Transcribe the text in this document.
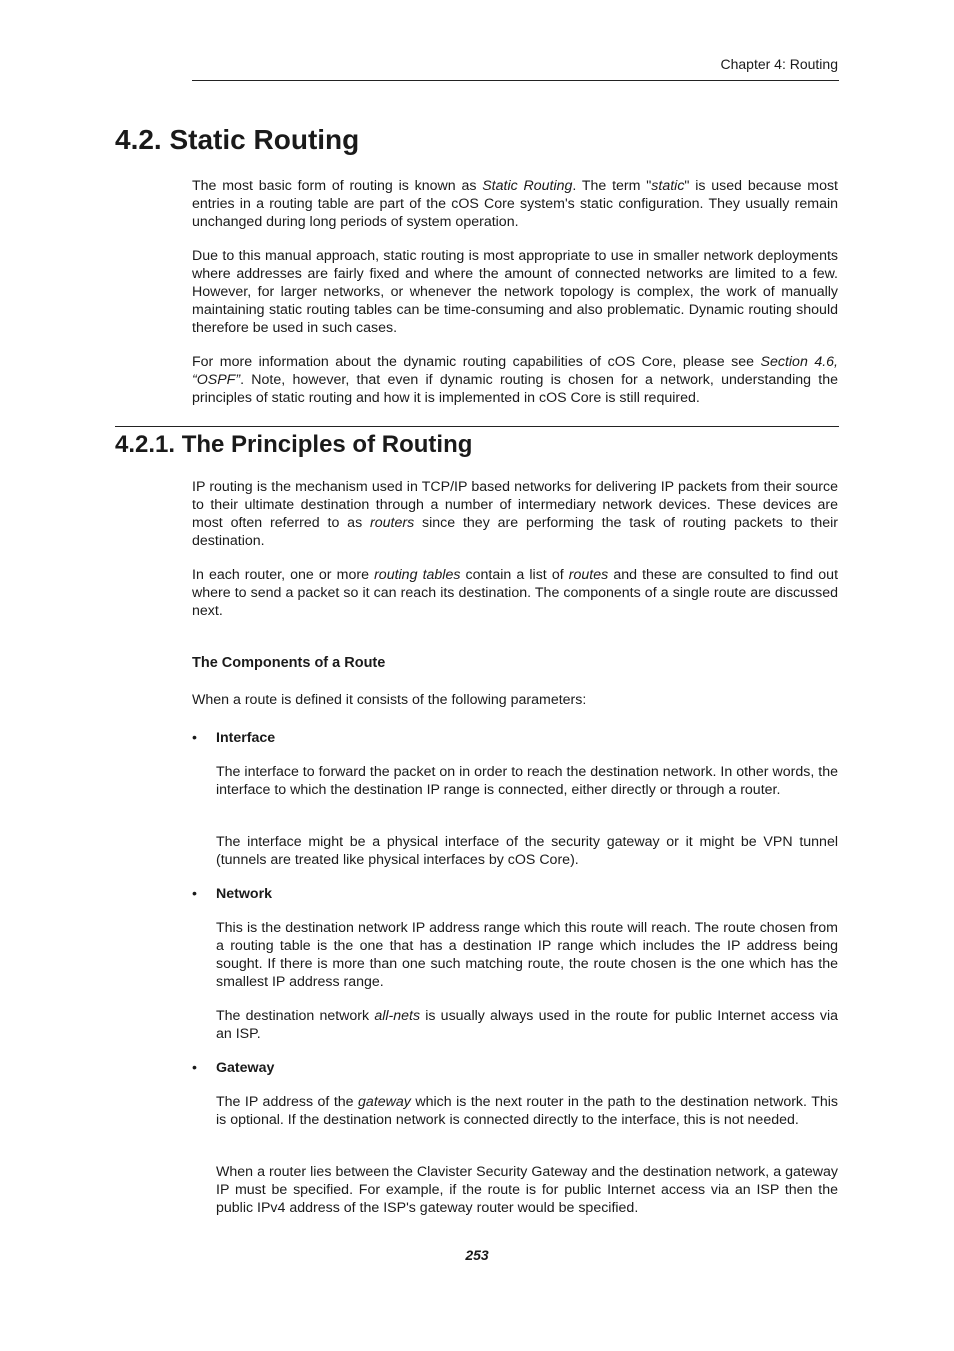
Chapter 4: Routing
4.2. Static Routing
The most basic form of routing is known as Static Routing. The term "static" is used because most entries in a routing table are part of the cOS Core system's static configuration. They usually remain unchanged during long periods of system operation.
Due to this manual approach, static routing is most appropriate to use in smaller network deployments where addresses are fairly fixed and where the amount of connected networks are limited to a few. However, for larger networks, or whenever the network topology is complex, the work of manually maintaining static routing tables can be time-consuming and also problematic. Dynamic routing should therefore be used in such cases.
For more information about the dynamic routing capabilities of cOS Core, please see Section 4.6, “OSPF”. Note, however, that even if dynamic routing is chosen for a network, understanding the principles of static routing and how it is implemented in cOS Core is still required.
4.2.1. The Principles of Routing
IP routing is the mechanism used in TCP/IP based networks for delivering IP packets from their source to their ultimate destination through a number of intermediary network devices. These devices are most often referred to as routers since they are performing the task of routing packets to their destination.
In each router, one or more routing tables contain a list of routes and these are consulted to find out where to send a packet so it can reach its destination. The components of a single route are discussed next.
The Components of a Route
When a route is defined it consists of the following parameters:
• Interface
The interface to forward the packet on in order to reach the destination network. In other words, the interface to which the destination IP range is connected, either directly or through a router.
The interface might be a physical interface of the security gateway or it might be VPN tunnel (tunnels are treated like physical interfaces by cOS Core).
• Network
This is the destination network IP address range which this route will reach. The route chosen from a routing table is the one that has a destination IP range which includes the IP address being sought. If there is more than one such matching route, the route chosen is the one which has the smallest IP address range.
The destination network all-nets is usually always used in the route for public Internet access via an ISP.
• Gateway
The IP address of the gateway which is the next router in the path to the destination network. This is optional. If the destination network is connected directly to the interface, this is not needed.
When a router lies between the Clavister Security Gateway and the destination network, a gateway IP must be specified. For example, if the route is for public Internet access via an ISP then the public IPv4 address of the ISP's gateway router would be specified.
253
